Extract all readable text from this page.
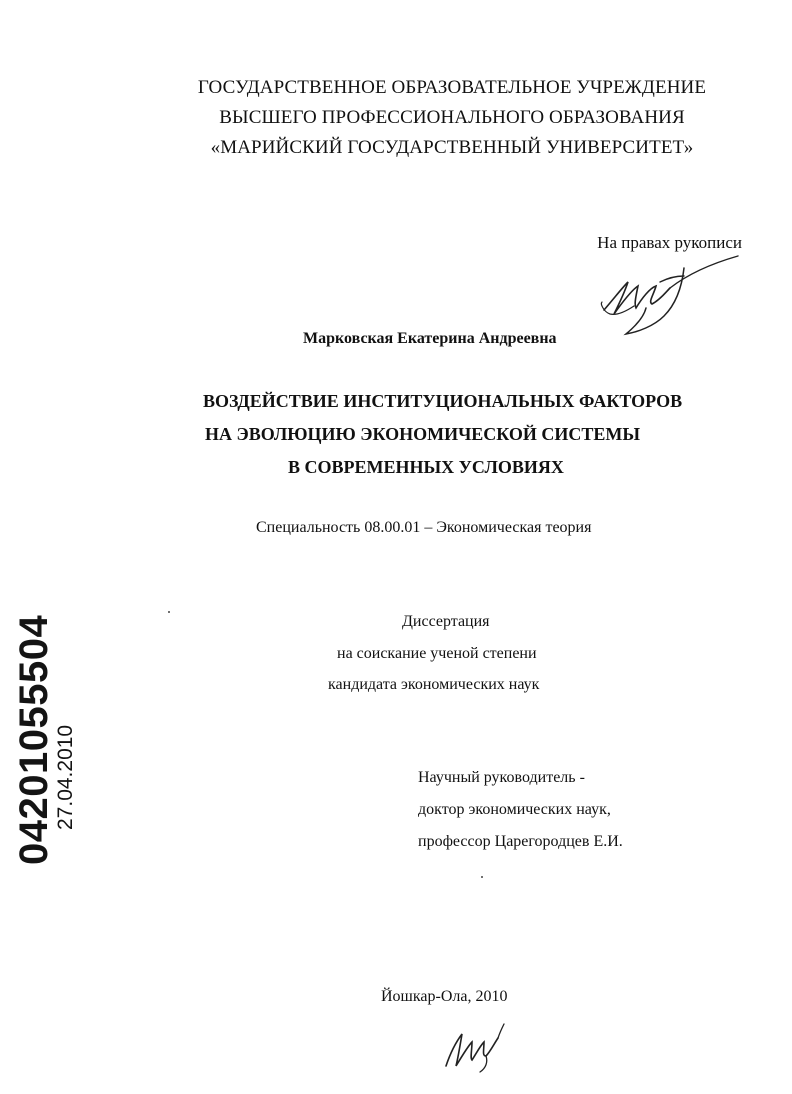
ГОСУДАРСТВЕННОЕ ОБРАЗОВАТЕЛЬНОЕ УЧРЕЖДЕНИЕ
ВЫСШЕГО ПРОФЕССИОНАЛЬНОГО ОБРАЗОВАНИЯ
«МАРИЙСКИЙ ГОСУДАРСТВЕННЫЙ УНИВЕРСИТЕТ»
На правах рукописи
Марковская Екатерина Андреевна
ВОЗДЕЙСТВИЕ ИНСТИТУЦИОНАЛЬНЫХ ФАКТОРОВ
НА ЭВОЛЮЦИЮ ЭКОНОМИЧЕСКОЙ СИСТЕМЫ
В СОВРЕМЕННЫХ УСЛОВИЯХ
Специальность 08.00.01 – Экономическая теория
Диссертация
на соискание ученой степени
кандидата экономических наук
Научный руководитель -
доктор экономических наук,
профессор Царегородцев Е.И.
Йошкар-Ола, 2010
04201055504
27.04.2010
